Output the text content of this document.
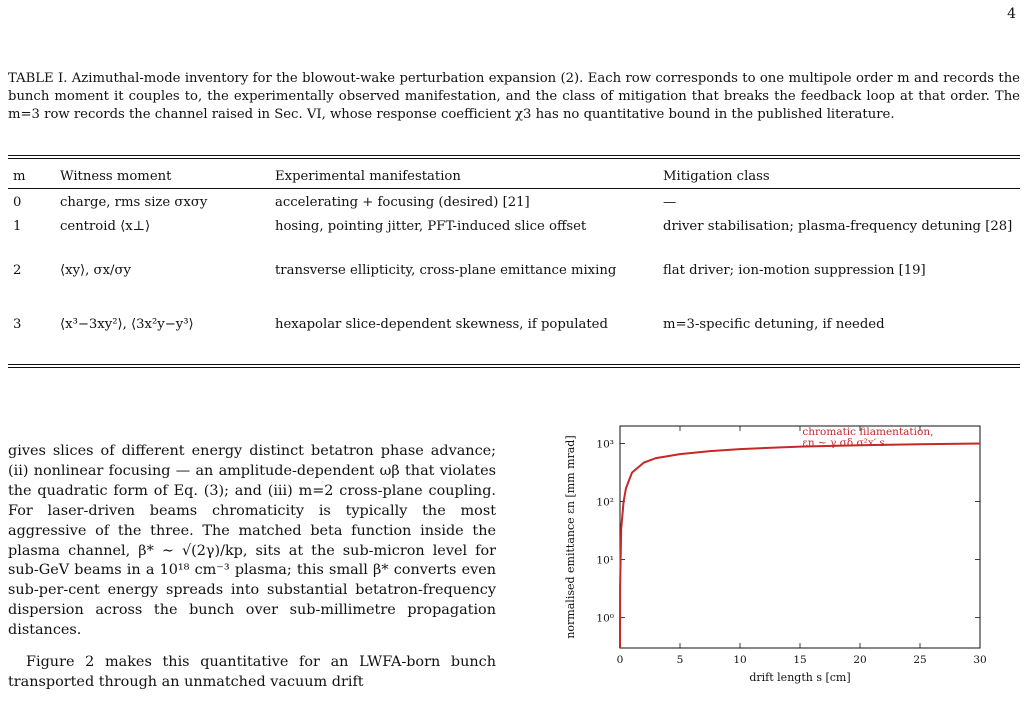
4
TABLE I. Azimuthal-mode inventory for the blowout-wake perturbation expansion (2). Each row corresponds to one multipole order m and records the bunch moment it couples to, the experimentally observed manifestation, and the class of mitigation that breaks the feedback loop at that order. The m=3 row records the channel raised in Sec. VI, whose response coefficient χ3 has no quantitative bound in the published literature.
m	Witness moment	Experimental manifestation	Mitigation class
0	charge, rms size σxσy	accelerating + focusing (desired) [21]	—
1	centroid ⟨x⊥⟩	hosing, pointing jitter, PFT-induced slice offset	driver stabilisation; plasma-frequency detuning [28]
2	⟨xy⟩, σx/σy	transverse ellipticity, cross-plane emittance mixing	flat driver; ion-motion suppression [19]
3	⟨x³−3xy²⟩, ⟨3x²y−y³⟩	hexapolar slice-dependent skewness, if populated	m=3-specific detuning, if needed

gives slices of different energy distinct betatron phase advance; (ii) nonlinear focusing — an amplitude-dependent ωβ that violates the quadratic form of Eq. (3); and (iii) m=2 cross-plane coupling. For laser-driven beams chromaticity is typically the most aggressive of the three. The matched beta function inside the plasma channel, β* ∼ √(2γ)/kp, sits at the sub-micron level for sub-GeV beams in a 10¹⁸ cm⁻³ plasma; this small β* converts even sub-per-cent energy spreads into substantial betatron-frequency dispersion across the bunch over sub-millimetre propagation distances.

Figure 2 makes this quantitative for an LWFA-born bunch transported through an unmatched vacuum drift

0	5	10	15	20	25	30
10⁰
10¹
10²
10³
chromatic filamentation,
εn ∼ γ σδ σ²x′ s
drift length s [cm]
normalised emittance εn [mm mrad]
